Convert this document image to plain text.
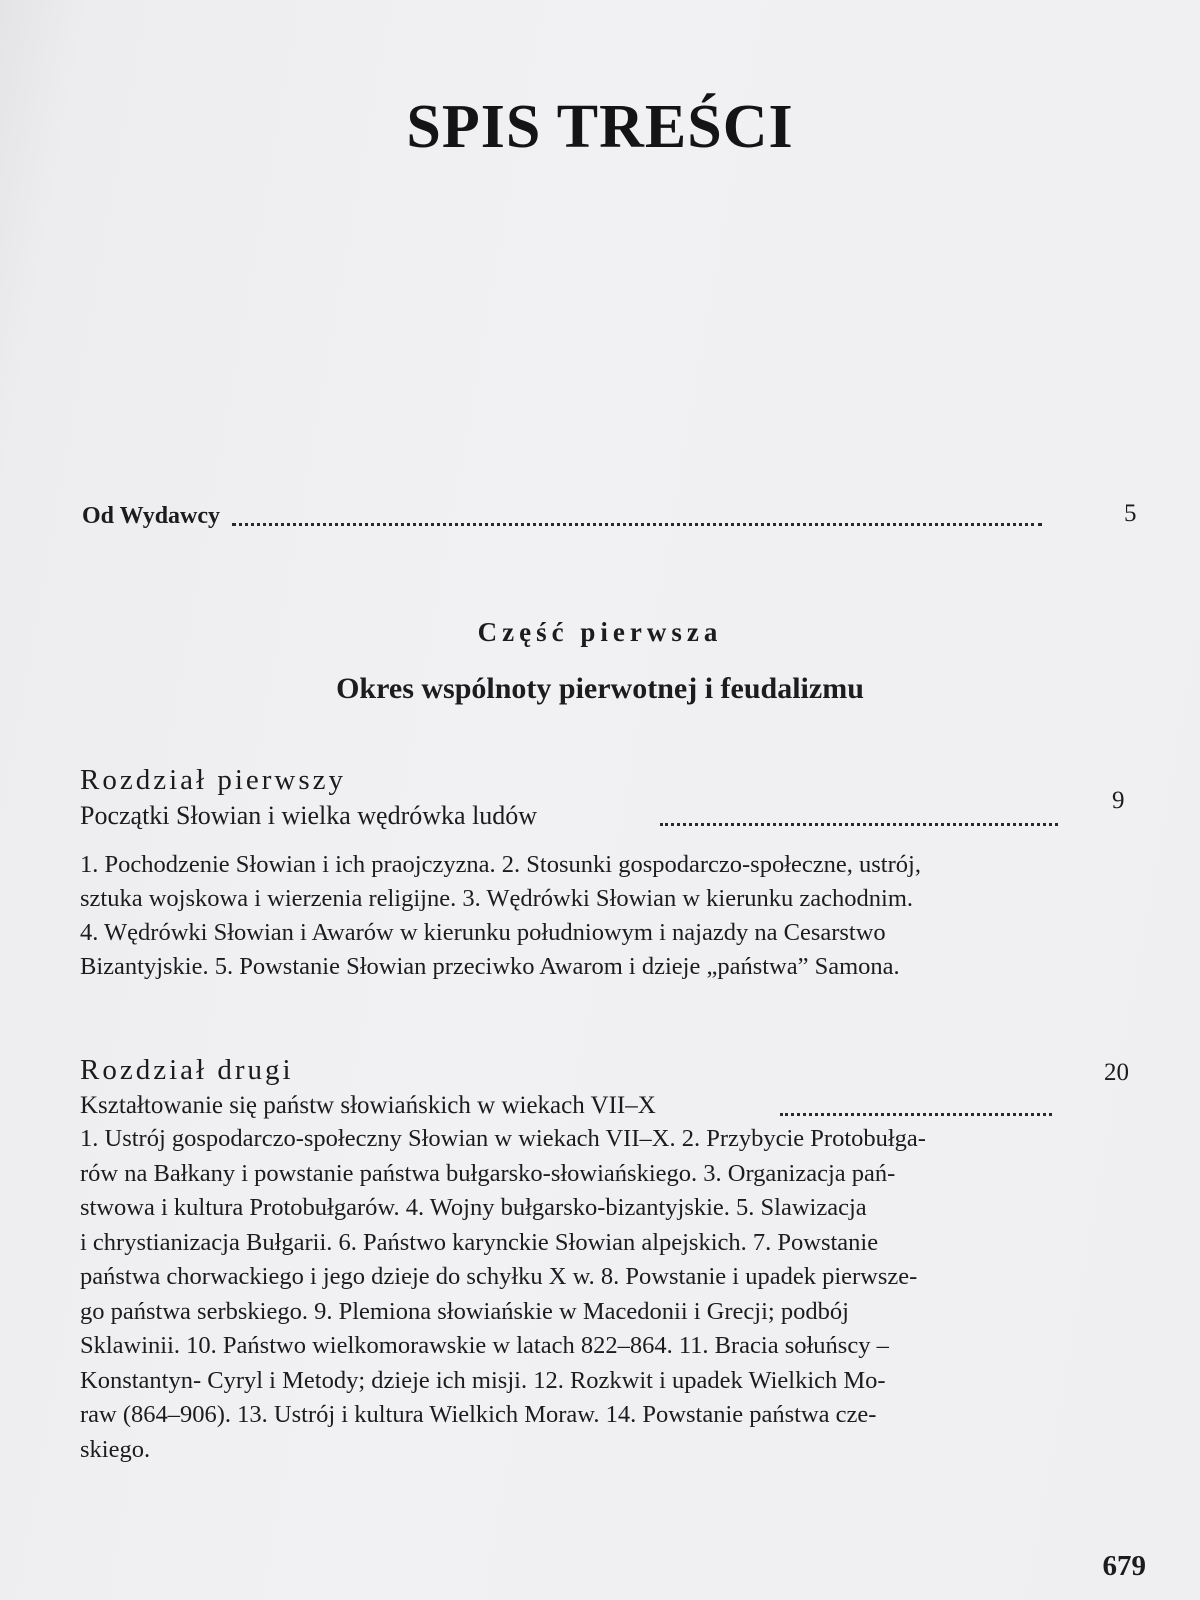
SPIS TREŚCI
Od Wydawcy	5
Część pierwsza
Okres wspólnoty pierwotnej i feudalizmu
Rozdział pierwszy
Początki Słowian i wielka wędrówka ludów
9
1. Pochodzenie Słowian i ich praojczyzna. 2. Stosunki gospodarczo-społeczne, ustrój,
sztuka wojskowa i wierzenia religijne. 3. Wędrówki Słowian w kierunku zachodnim.
4. Wędrówki Słowian i Awarów w kierunku południowym i najazdy na Cesarstwo
Bizantyjskie. 5. Powstanie Słowian przeciwko Awarom i dzieje „państwa” Samona.
Rozdział drugi
Kształtowanie się państw słowiańskich w wiekach VII–X
20
1. Ustrój gospodarczo-społeczny Słowian w wiekach VII–X. 2. Przybycie Protobułga-
rów na Bałkany i powstanie państwa bułgarsko-słowiańskiego. 3. Organizacja pań-
stwowa i kultura Protobułgarów. 4. Wojny bułgarsko-bizantyjskie. 5. Slawizacja
i chrystianizacja Bułgarii. 6. Państwo karynckie Słowian alpejskich. 7. Powstanie
państwa chorwackiego i jego dzieje do schyłku X w. 8. Powstanie i upadek pierwsze-
go państwa serbskiego. 9. Plemiona słowiańskie w Macedonii i Grecji; podbój
Sklawinii. 10. Państwo wielkomorawskie w latach 822–864. 11. Bracia sołuńscy –
Konstantyn- Cyryl i Metody; dzieje ich misji. 12. Rozkwit i upadek Wielkich Mo-
raw (864–906). 13. Ustrój i kultura Wielkich Moraw. 14. Powstanie państwa cze-
skiego.
679
